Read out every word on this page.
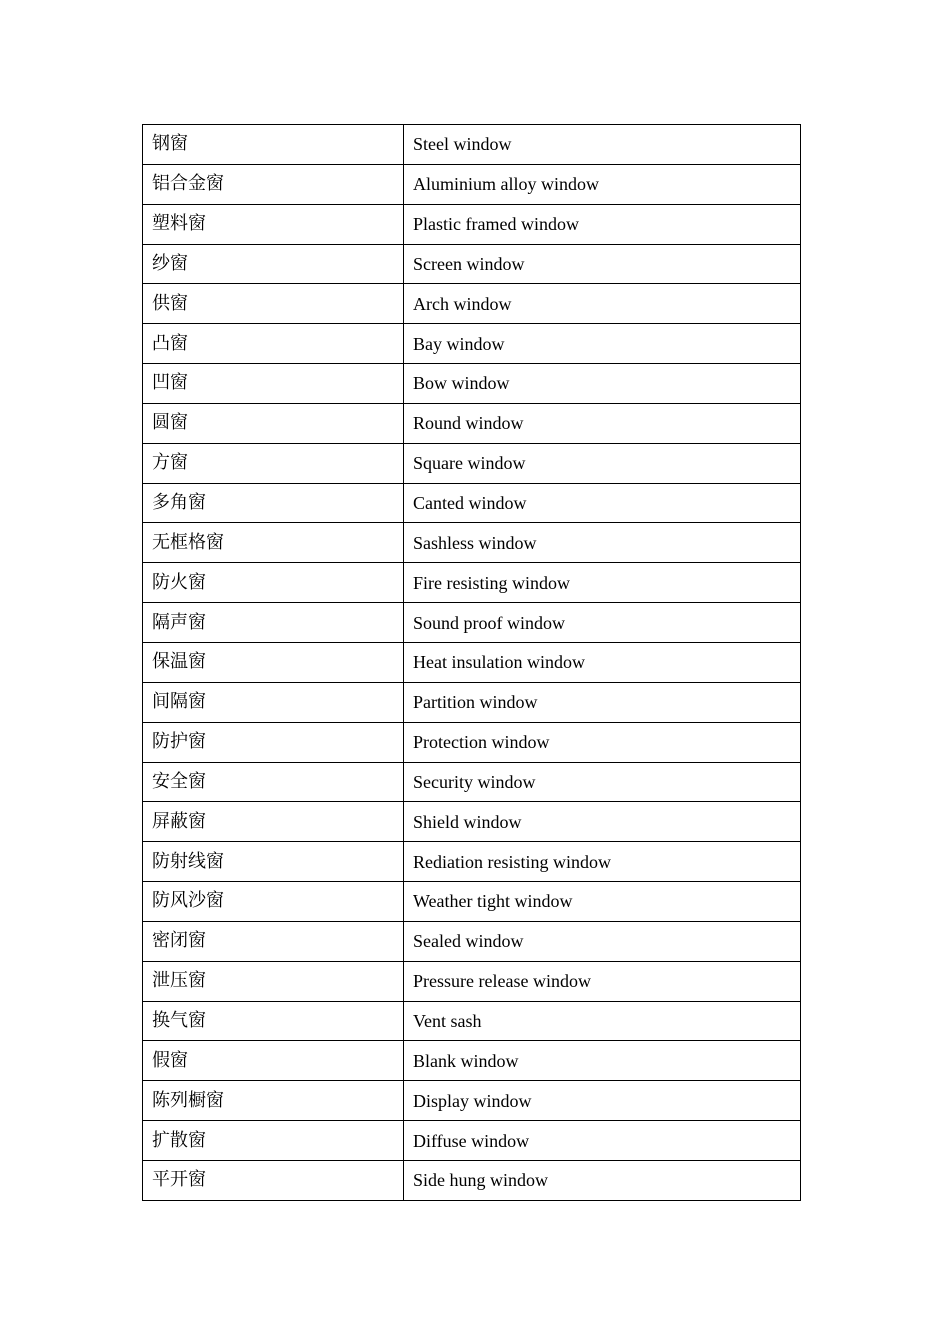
钢窗	Steel window
铝合金窗	Aluminium alloy window
塑料窗	Plastic framed window
纱窗	Screen window
供窗	Arch window
凸窗	Bay window
凹窗	Bow window
圆窗	Round window
方窗	Square window
多角窗	Canted window
无框格窗	Sashless window
防火窗	Fire resisting window
隔声窗	Sound proof window
保温窗	Heat insulation window
间隔窗	Partition window
防护窗	Protection window
安全窗	Security window
屏蔽窗	Shield window
防射线窗	Rediation resisting window
防风沙窗	Weather tight window
密闭窗	Sealed window
泄压窗	Pressure release window
换气窗	Vent sash
假窗	Blank window
陈列橱窗	Display window
扩散窗	Diffuse window
平开窗	Side hung window
